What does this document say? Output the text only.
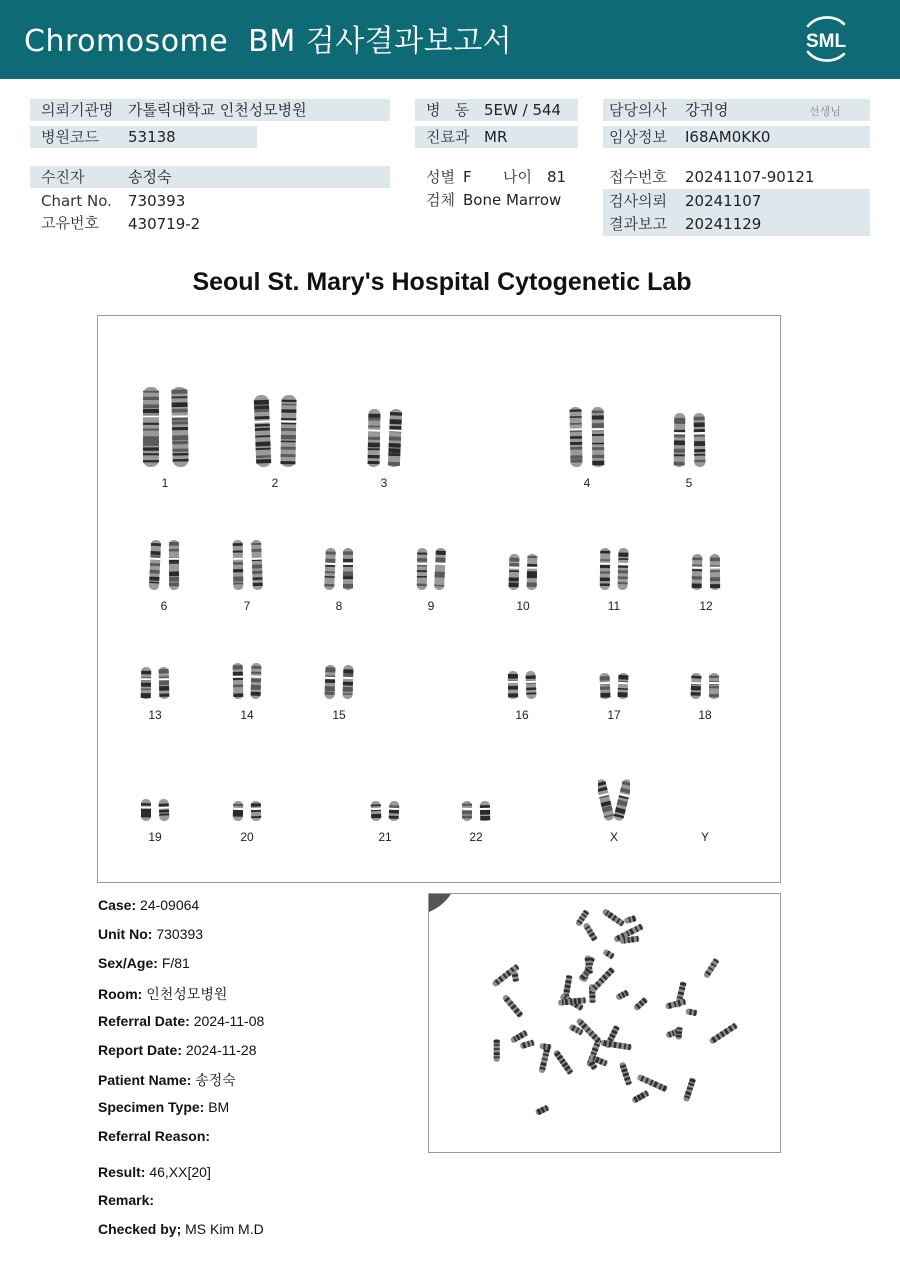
Chromosome  BM 검사결과보고서	SML
의뢰기관명 가톨릭대학교 인천성모병원
병원코드 53138
병   동 5EW / 544
진료과 MR
담당의사 강귀영	선생님
임상정보 I68AM0KK0
수진자	송정숙
Chart No. 730393
고유번호 430719-2
성별 F 나이 81
검체 Bone Marrow
접수번호 20241107-90121
검사의뢰 20241107
결과보고 20241129
Seoul St. Mary's Hospital Cytogenetic Lab
1	2	3	4	5
6	7	8	9	10	11	12
13	14	15	16	17	18
19	20	21	22	X	Y
Case: 24-09064
Unit No: 730393
Sex/Age: F/81
Room: 인천성모병원
Referral Date: 2024-11-08
Report Date: 2024-11-28
Patient Name: 송정숙
Specimen Type: BM
Referral Reason:
Result: 46,XX[20]
Remark:
Checked by; MS Kim M.D
